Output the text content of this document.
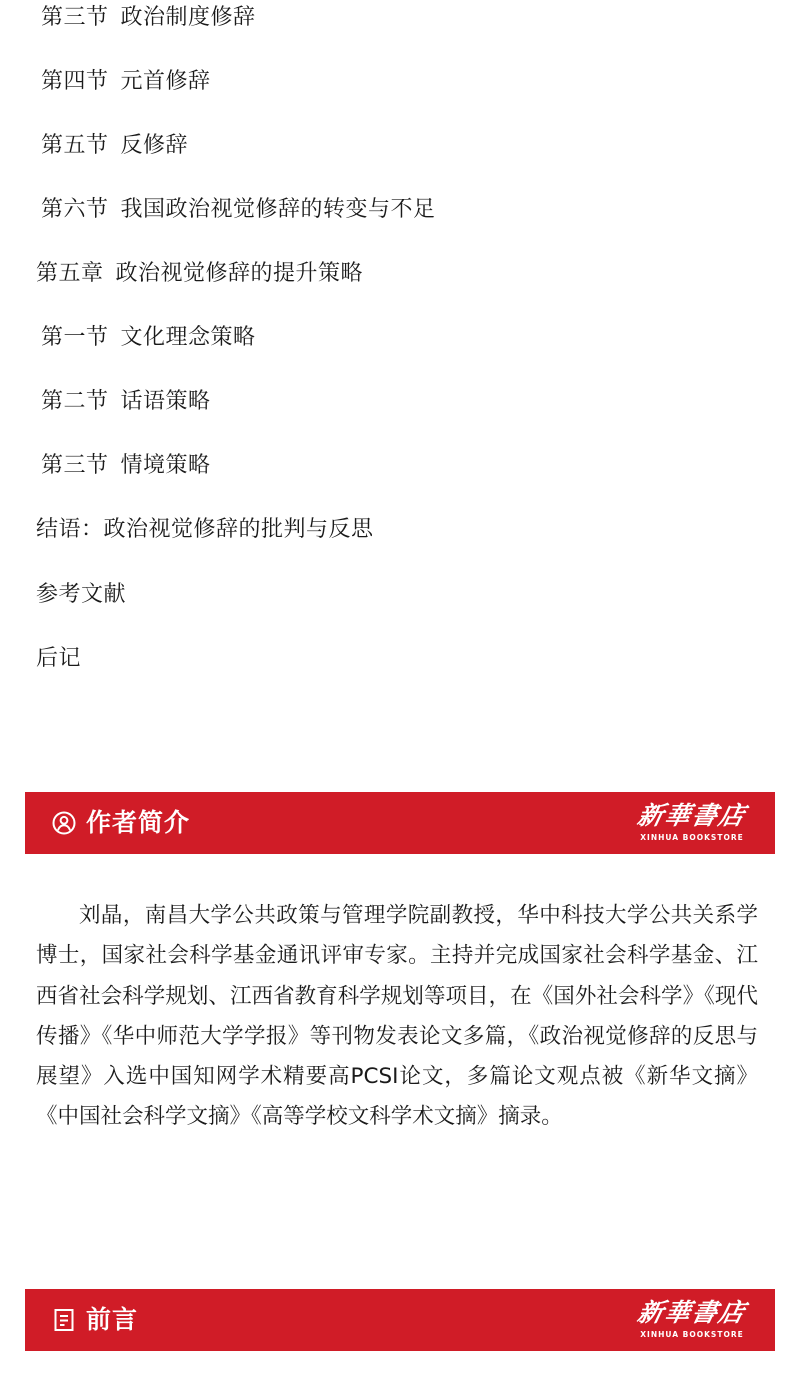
第三节 政治制度修辞
第四节 元首修辞
第五节 反修辞
第六节 我国政治视觉修辞的转变与不足
第五章 政治视觉修辞的提升策略
第一节 文化理念策略
第二节 话语策略
第三节 情境策略
结语：政治视觉修辞的批判与反思
参考文献
后记
作者简介	新華書店
XINHUA BOOKSTORE

刘晶，南昌大学公共政策与管理学院副教授，华中科技大学公共关系学博士，国家社会科学基金通讯评审专家。主持并完成国家社会科学基金、江西省社会科学规划、江西省教育科学规划等项目，在《国外社会科学》《现代传播》《华中师范大学学报》等刊物发表论文多篇，《政治视觉修辞的反思与展望》入选中国知网学术精要高PCSI论文，多篇论文观点被《新华文摘》《中国社会科学文摘》《高等学校文科学术文摘》摘录。

前言	新華書店
XINHUA BOOKSTORE
